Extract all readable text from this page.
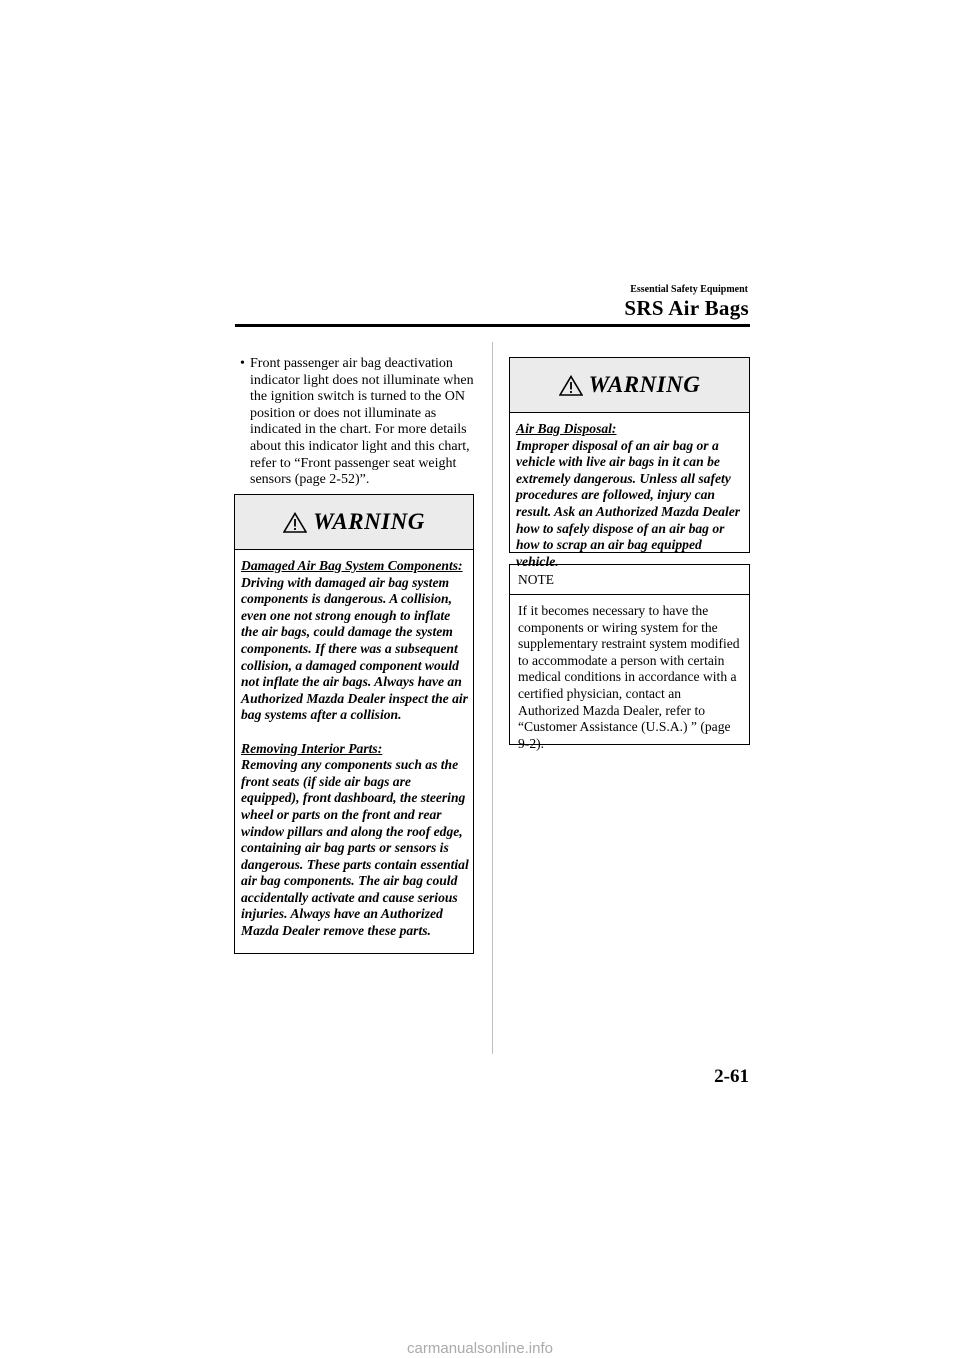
Essential Safety Equipment
SRS Air Bags
• Front passenger air bag deactivation indicator light does not illuminate when the ignition switch is turned to the ON position or does not illuminate as indicated in the chart. For more details about this indicator light and this chart, refer to “Front passenger seat weight sensors (page 2-52)”.
WARNING
Damaged Air Bag System Components:
Driving with damaged air bag system components is dangerous. A collision, even one not strong enough to inflate the air bags, could damage the system components. If there was a subsequent collision, a damaged component would not inflate the air bags. Always have an Authorized Mazda Dealer inspect the air bag systems after a collision.
Removing Interior Parts:
Removing any components such as the front seats (if side air bags are equipped), front dashboard, the steering wheel or parts on the front and rear window pillars and along the roof edge, containing air bag parts or sensors is dangerous. These parts contain essential air bag components. The air bag could accidentally activate and cause serious injuries. Always have an Authorized Mazda Dealer remove these parts.
WARNING
Air Bag Disposal:
Improper disposal of an air bag or a vehicle with live air bags in it can be extremely dangerous. Unless all safety procedures are followed, injury can result. Ask an Authorized Mazda Dealer how to safely dispose of an air bag or how to scrap an air bag equipped vehicle.
NOTE
If it becomes necessary to have the components or wiring system for the supplementary restraint system modified to accommodate a person with certain medical conditions in accordance with a certified physician, contact an Authorized Mazda Dealer, refer to “Customer Assistance (U.S.A.) ” (page 9-2).
2-61
carmanualsonline.info
